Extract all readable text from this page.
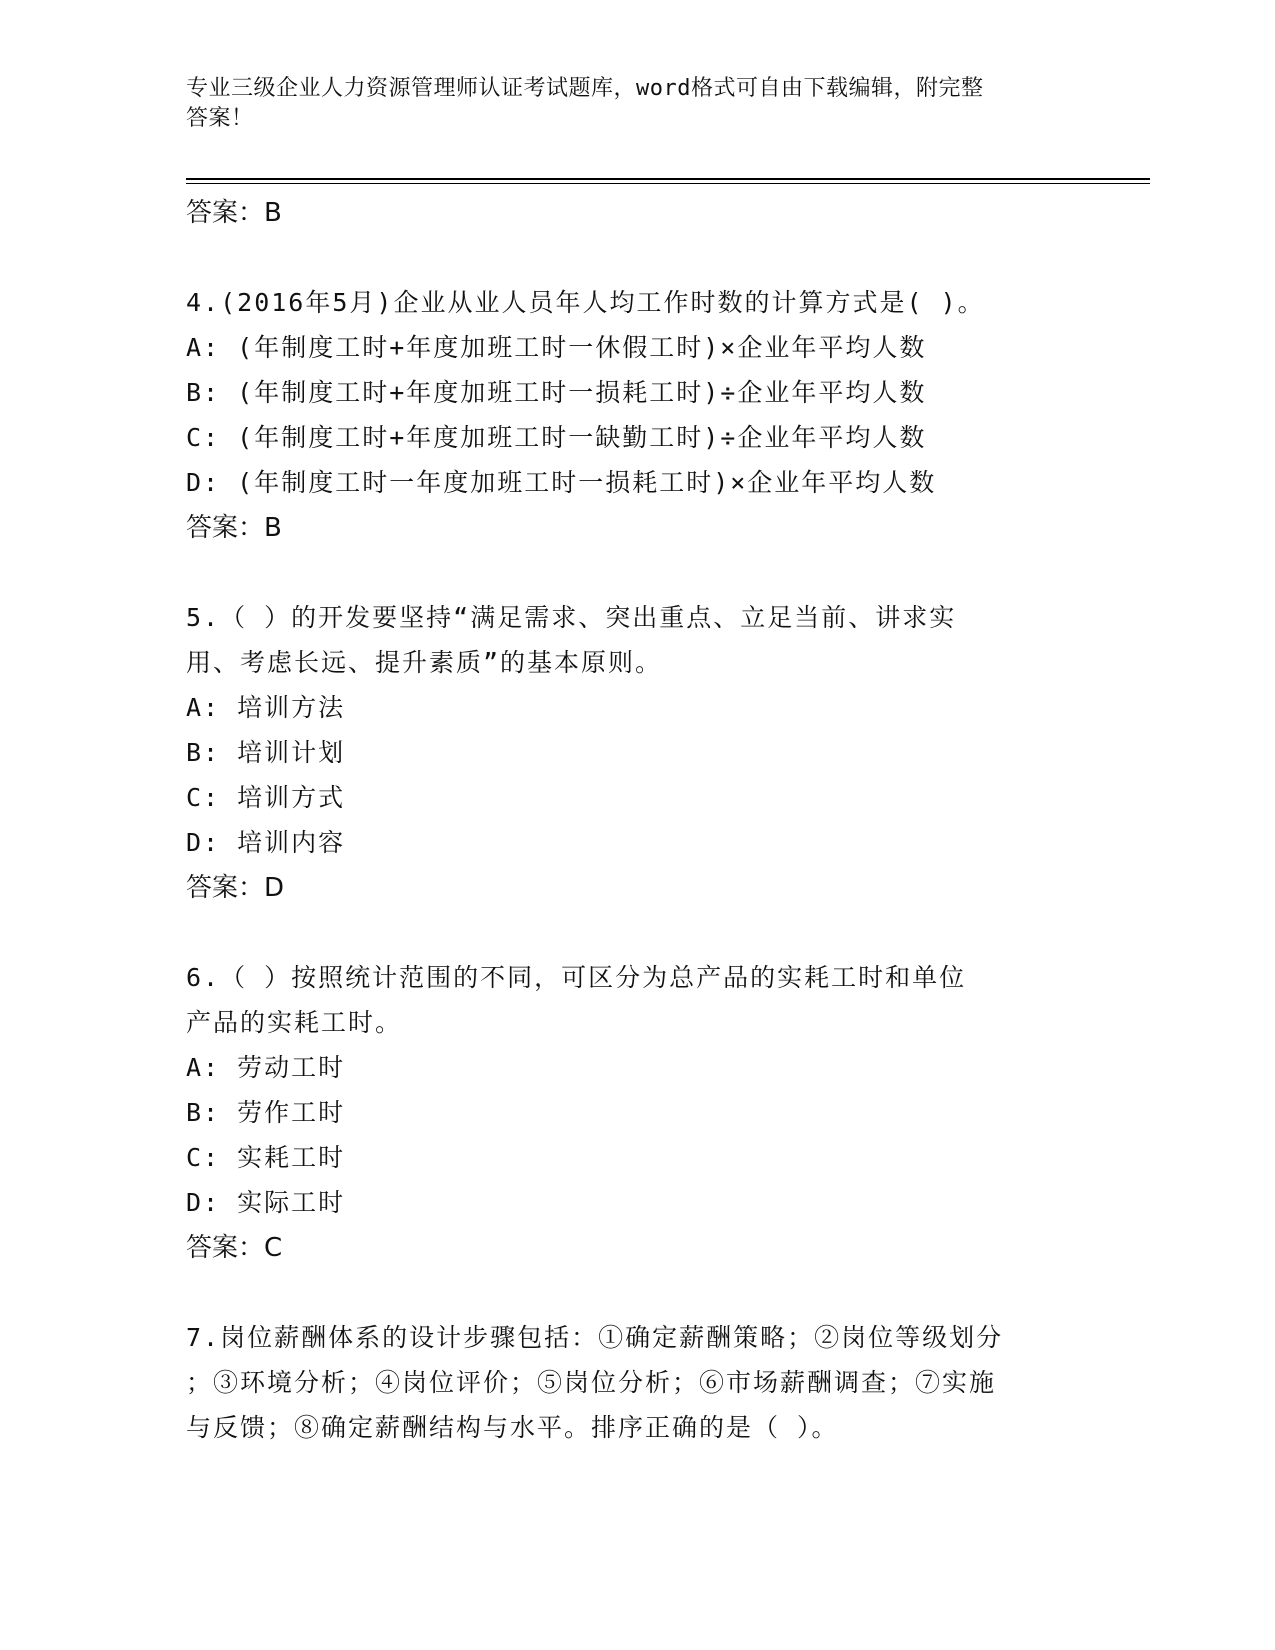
专业三级企业人力资源管理师认证考试题库，word格式可自由下载编辑，附完整
答案！
答案：B
4.(2016年5月)企业从业人员年人均工作时数的计算方式是( )。
A: (年制度工时+年度加班工时一休假工时)×企业年平均人数
B: (年制度工时+年度加班工时一损耗工时)÷企业年平均人数
C: (年制度工时+年度加班工时一缺勤工时)÷企业年平均人数
D: (年制度工时一年度加班工时一损耗工时)×企业年平均人数
答案：B
5.（ ）的开发要坚持“满足需求、突出重点、立足当前、讲求实
用、考虑长远、提升素质”的基本原则。
A: 培训方法
B: 培训计划
C: 培训方式
D: 培训内容
答案：D
6.（ ）按照统计范围的不同，可区分为总产品的实耗工时和单位
产品的实耗工时。
A: 劳动工时
B: 劳作工时
C: 实耗工时
D: 实际工时
答案：C
7.岗位薪酬体系的设计步骤包括：①确定薪酬策略；②岗位等级划分
；③环境分析；④岗位评价；⑤岗位分析；⑥市场薪酬调查；⑦实施
与反馈；⑧确定薪酬结构与水平。排序正确的是（ ）。
